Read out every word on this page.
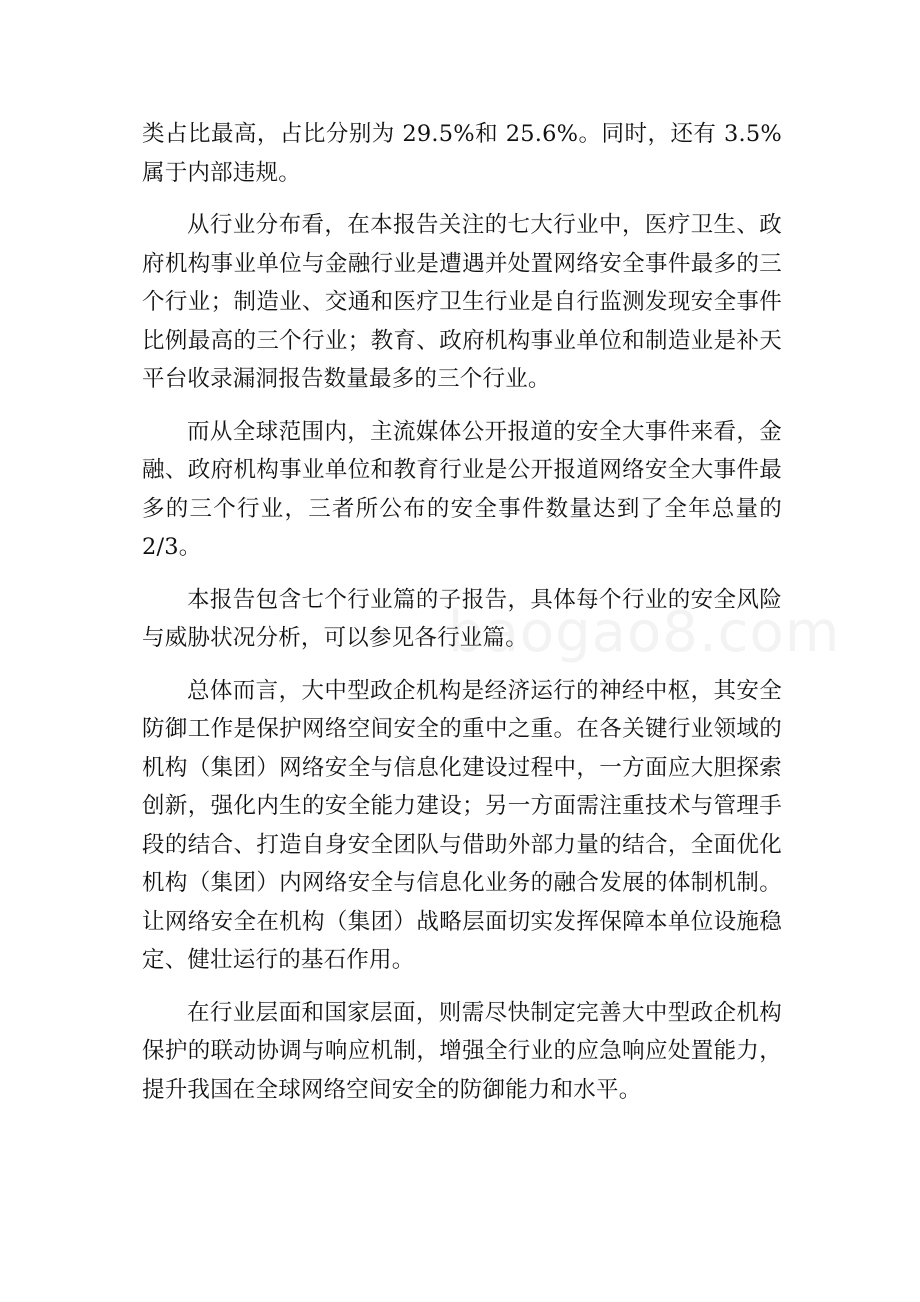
类占比最高，占比分别为 29.5%和 25.6%。同时，还有 3.5%属于内部违规。

从行业分布看，在本报告关注的七大行业中，医疗卫生、政府机构事业单位与金融行业是遭遇并处置网络安全事件最多的三个行业；制造业、交通和医疗卫生行业是自行监测发现安全事件比例最高的三个行业；教育、政府机构事业单位和制造业是补天平台收录漏洞报告数量最多的三个行业。

而从全球范围内，主流媒体公开报道的安全大事件来看，金融、政府机构事业单位和教育行业是公开报道网络安全大事件最多的三个行业，三者所公布的安全事件数量达到了全年总量的 2/3。

本报告包含七个行业篇的子报告，具体每个行业的安全风险与威胁状况分析，可以参见各行业篇。

总体而言，大中型政企机构是经济运行的神经中枢，其安全防御工作是保护网络空间安全的重中之重。在各关键行业领域的机构（集团）网络安全与信息化建设过程中，一方面应大胆探索创新，强化内生的安全能力建设；另一方面需注重技术与管理手段的结合、打造自身安全团队与借助外部力量的结合，全面优化机构（集团）内网络安全与信息化业务的融合发展的体制机制。让网络安全在机构（集团）战略层面切实发挥保障本单位设施稳定、健壮运行的基石作用。

在行业层面和国家层面，则需尽快制定完善大中型政企机构保护的联动协调与响应机制，增强全行业的应急响应处置能力，提升我国在全球网络空间安全的防御能力和水平。

baogao8.com
